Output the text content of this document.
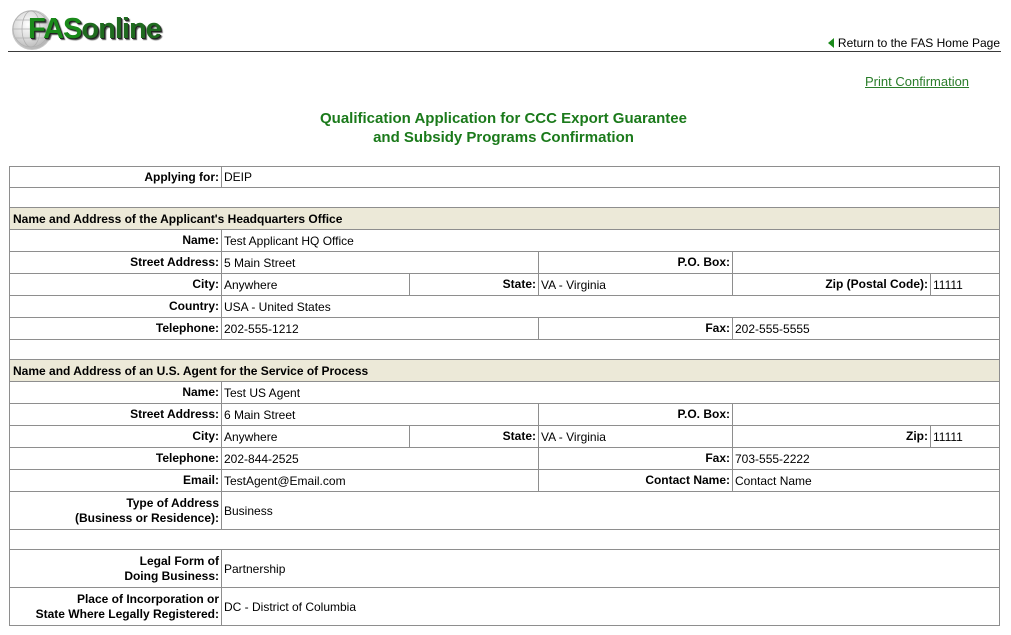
FASonline	Return to the FAS Home Page
Print Confirmation
Qualification Application for CCC Export Guarantee
and Subsidy Programs Confirmation
Applying for: DEIP
Name and Address of the Applicant's Headquarters Office
Name: Test Applicant HQ Office
Street Address: 5 Main Street	P.O. Box:
City: Anywhere	State: VA - Virginia	Zip (Postal Code): 11111
Country: USA - United States
Telephone: 202-555-1212	Fax: 202-555-5555
Name and Address of an U.S. Agent for the Service of Process
Name: Test US Agent
Street Address: 6 Main Street	P.O. Box:
City: Anywhere	State: VA - Virginia	Zip: 11111
Telephone: 202-844-2525	Fax: 703-555-2222
Email: TestAgent@Email.com	Contact Name: Contact Name
Type of Address
(Business or Residence): Business
Legal Form of
Doing Business: Partnership
Place of Incorporation or
State Where Legally Registered: DC - District of Columbia
